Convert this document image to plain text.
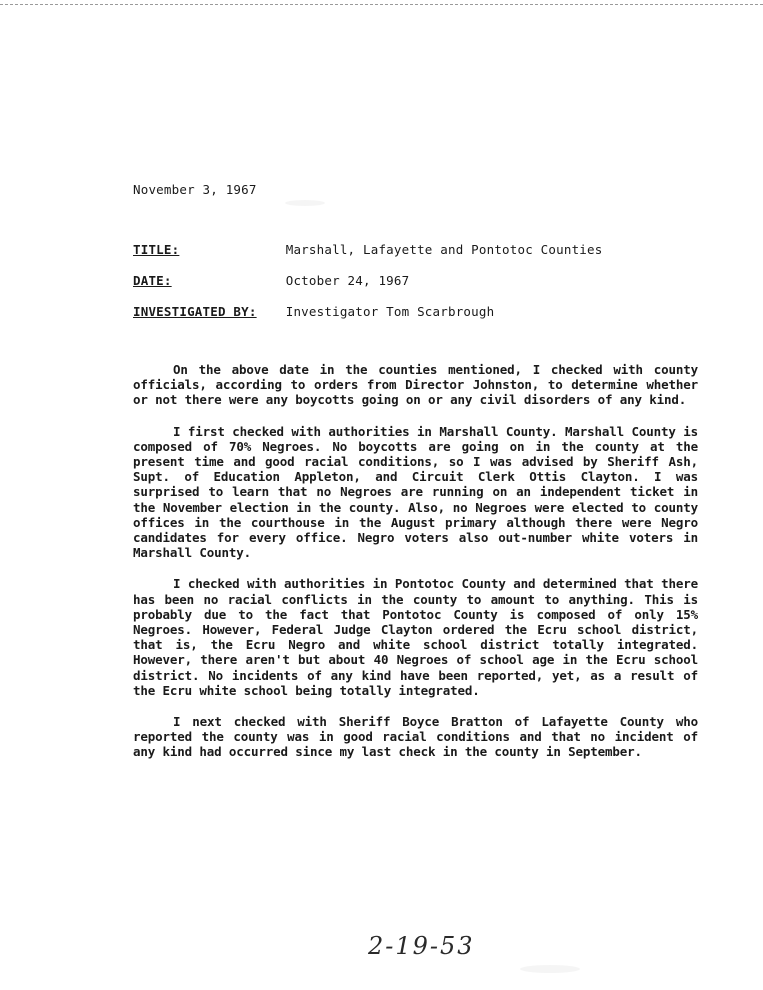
November 3, 1967
TITLE:	Marshall, Lafayette and Pontotoc Counties
DATE:	October 24, 1967
INVESTIGATED BY: Investigator Tom Scarbrough

On the above date in the counties mentioned, I checked with county officials, according to orders from Director Johnston, to determine whether or not there were any boycotts going on or any civil disorders of any kind.

I first checked with authorities in Marshall County. Marshall County is composed of 70% Negroes. No boycotts are going on in the county at the present time and good racial conditions, so I was advised by Sheriff Ash, Supt. of Education Appleton, and Circuit Clerk Ottis Clayton. I was surprised to learn that no Negroes are running on an independent ticket in the November election in the county. Also, no Negroes were elected to county offices in the courthouse in the August primary although there were Negro candidates for every office. Negro voters also out-number white voters in Marshall County.

I checked with authorities in Pontotoc County and determined that there has been no racial conflicts in the county to amount to anything. This is probably due to the fact that Pontotoc County is composed of only 15% Negroes. However, Federal Judge Clayton ordered the Ecru school district, that is, the Ecru Negro and white school district totally integrated. However, there aren't but about 40 Negroes of school age in the Ecru school district. No incidents of any kind have been reported, yet, as a result of the Ecru white school being totally integrated.

I next checked with Sheriff Boyce Bratton of Lafayette County who reported the county was in good racial conditions and that no incident of any kind had occurred since my last check in the county in September.

2-19-53
